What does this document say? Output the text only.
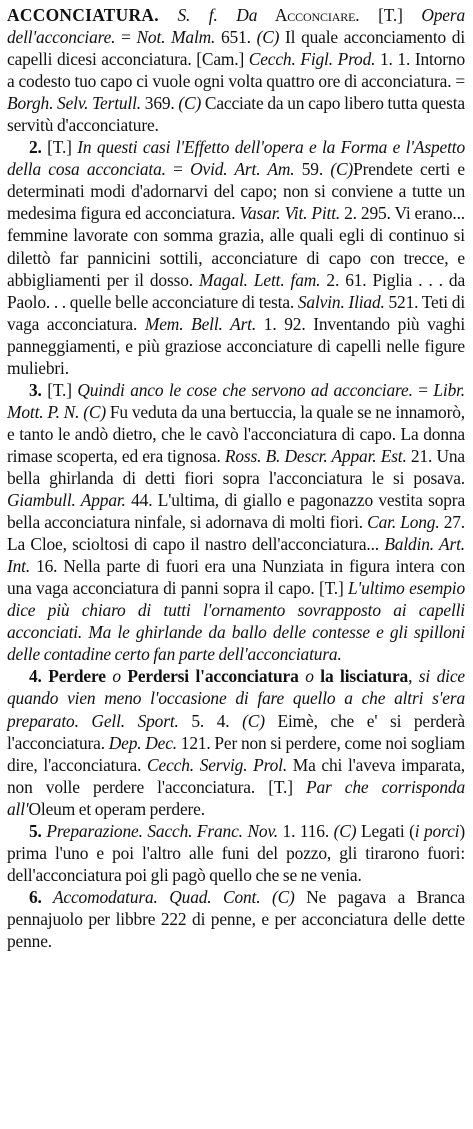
ACCONCIATURA. S. f. Da Acconciare. [T.] Opera dell'acconciare. = Not. Malm. 651. (C) Il quale acconciamento di capelli dicesi acconciatura. [Cam.] Cecch. Figl. Prod. 1. 1. Intorno a codesto tuo capo ci vuole ogni volta quattro ore di acconciatura. = Borgh. Selv. Tertull. 369. (C) Cacciate da un capo libero tutta questa servitù d'acconciature.

2. [T.] In questi casi l'Effetto dell'opera e la Forma e l'Aspetto della cosa acconciata. = Ovid. Art. Am. 59. (C)Prendete certi e determinati modi d'adornarvi del capo; non si conviene a tutte un medesima figura ed acconciatura. Vasar. Vit. Pitt. 2. 295. Vi erano... femmine lavorate con somma grazia, alle quali egli di continuo si dilettò far pannicini sottili, acconciature di capo con trecce, e abbigliamenti per il dosso. Magal. Lett. fam. 2. 61. Piglia . . . da Paolo. . . quelle belle acconciature di testa. Salvin. Iliad. 521. Teti di vaga acconciatura. Mem. Bell. Art. 1. 92. Inventando più vaghi panneggiamenti, e più graziose acconciature di capelli nelle figure muliebri.

3. [T.] Quindi anco le cose che servono ad acconciare. = Libr. Mott. P. N. (C) Fu veduta da una bertuccia, la quale se ne innamorò, e tanto le andò dietro, che le cavò l'acconciatura di capo. La donna rimase scoperta, ed era tignosa. Ross. B. Descr. Appar. Est. 21. Una bella ghirlanda di detti fiori sopra l'acconciatura le si posava. Giambull. Appar. 44. L'ultima, di giallo e pagonazzo vestita sopra bella acconciatura ninfale, si adornava di molti fiori. Car. Long. 27. La Cloe, scioltosi di capo il nastro dell'acconciatura... Baldin. Art. Int. 16. Nella parte di fuori era una Nunziata in figura intera con una vaga acconciatura di panni sopra il capo. [T.] L'ultimo esempio dice più chiaro di tutti l'ornamento sovrapposto ai capelli acconciati. Ma le ghirlande da ballo delle contesse e gli spilloni delle contadine certo fan parte dell'acconciatura.

4. Perdere o Perdersi l'acconciatura o la lisciatura, si dice quando vien meno l'occasione di fare quello a che altri s'era preparato. Gell. Sport. 5. 4. (C) Eimè, che e' si perderà l'acconciatura. Dep. Dec. 121. Per non si perdere, come noi sogliam dire, l'acconciatura. Cecch. Servig. Prol. Ma chi l'aveva imparata, non volle perdere l'acconciatura. [T.] Par che corrisponda all'Oleum et operam perdere.

5. Preparazione. Sacch. Franc. Nov. 1. 116. (C) Legati (i porci) prima l'uno e poi l'altro alle funi del pozzo, gli tirarono fuori: dell'acconciatura poi gli pagò quello che se ne venia.

6. Accomodatura. Quad. Cont. (C) Ne pagava a Branca pennajuolo per libbre 222 di penne, e per acconciatura delle dette penne.
